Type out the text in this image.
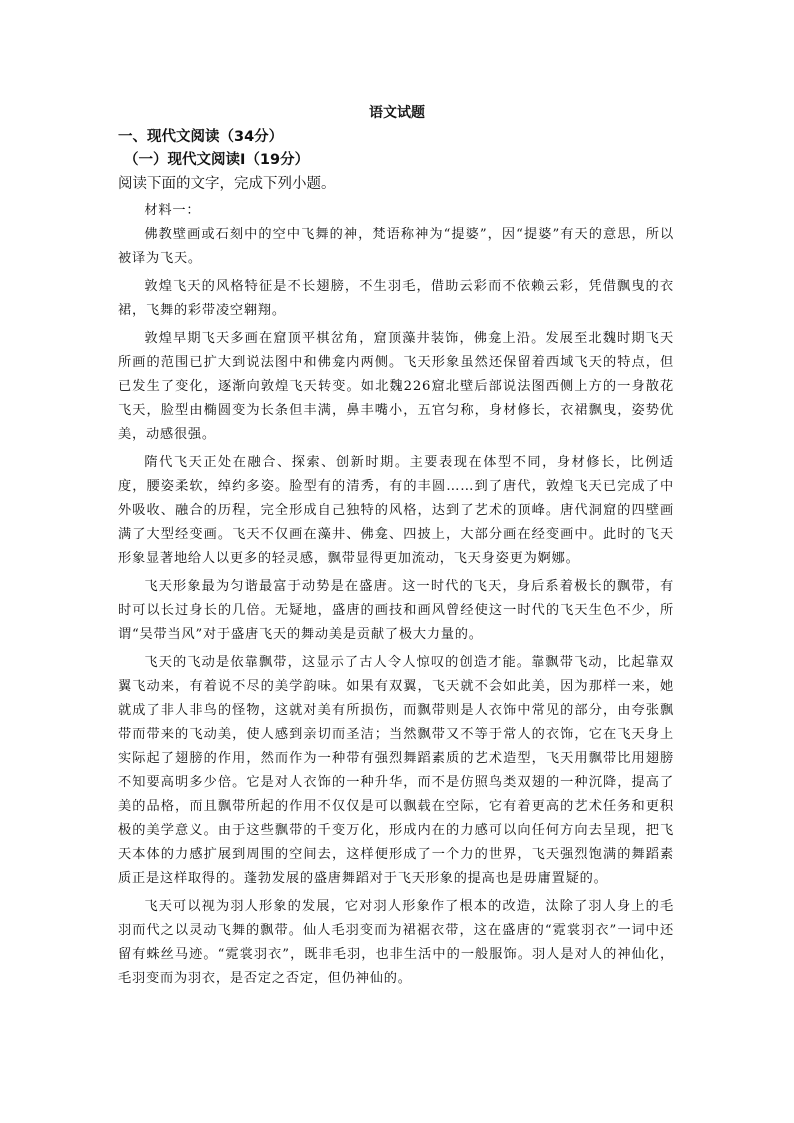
语文试题
一、现代文阅读（34分）
（一）现代文阅读Ⅰ（19分）

阅读下面的文字，完成下列小题。

材料一：

佛教壁画或石刻中的空中飞舞的神，梵语称神为“提婆”，因“提婆”有天的意思，所以被译为飞天。

敦煌飞天的风格特征是不长翅膀，不生羽毛，借助云彩而不依赖云彩，凭借飘曳的衣裙，飞舞的彩带凌空翱翔。

敦煌早期飞天多画在窟顶平棋岔角，窟顶藻井装饰，佛龛上沿。发展至北魏时期飞天所画的范围已扩大到说法图中和佛龛内两侧。飞天形象虽然还保留着西域飞天的特点，但已发生了变化，逐渐向敦煌飞天转变。如北魏226窟北壁后部说法图西侧上方的一身散花飞天，脸型由椭圆变为长条但丰满，鼻丰嘴小，五官匀称，身材修长，衣裙飘曳，姿势优美，动感很强。

隋代飞天正处在融合、探索、创新时期。主要表现在体型不同，身材修长，比例适度，腰姿柔软，绰约多姿。脸型有的清秀，有的丰圆……到了唐代，敦煌飞天已完成了中外吸收、融合的历程，完全形成自己独特的风格，达到了艺术的顶峰。唐代洞窟的四壁画满了大型经变画。飞天不仅画在藻井、佛龛、四披上，大部分画在经变画中。此时的飞天形象显著地给人以更多的轻灵感，飘带显得更加流动，飞天身姿更为婀娜。

飞天形象最为匀谐最富于动势是在盛唐。这一时代的飞天，身后系着极长的飘带，有时可以长过身长的几倍。无疑地，盛唐的画技和画风曾经使这一时代的飞天生色不少，所谓“吴带当风”对于盛唐飞天的舞动美是贡献了极大力量的。

飞天的飞动是依靠飘带，这显示了古人令人惊叹的创造才能。靠飘带飞动，比起靠双翼飞动来，有着说不尽的美学韵味。如果有双翼，飞天就不会如此美，因为那样一来，她就成了非人非鸟的怪物，这就对美有所损伤，而飘带则是人衣饰中常见的部分，由夸张飘带而带来的飞动美，使人感到亲切而圣洁；当然飘带又不等于常人的衣饰，它在飞天身上实际起了翅膀的作用，然而作为一种带有强烈舞蹈素质的艺术造型，飞天用飘带比用翅膀不知要高明多少倍。它是对人衣饰的一种升华，而不是仿照鸟类双翅的一种沉降，提高了美的品格，而且飘带所起的作用不仅仅是可以飘载在空际，它有着更高的艺术任务和更积极的美学意义。由于这些飘带的千变万化，形成内在的力感可以向任何方向去呈现，把飞天本体的力感扩展到周围的空间去，这样便形成了一个力的世界，飞天强烈饱满的舞蹈素质正是这样取得的。蓬勃发展的盛唐舞蹈对于飞天形象的提高也是毋庸置疑的。

飞天可以视为羽人形象的发展，它对羽人形象作了根本的改造，汰除了羽人身上的毛羽而代之以灵动飞舞的飘带。仙人毛羽变而为裙裾衣带，这在盛唐的“霓裳羽衣”一词中还留有蛛丝马迹。“霓裳羽衣”，既非毛羽，也非生活中的一般服饰。羽人是对人的神仙化，毛羽变而为羽衣，是否定之否定，但仍神仙的。
